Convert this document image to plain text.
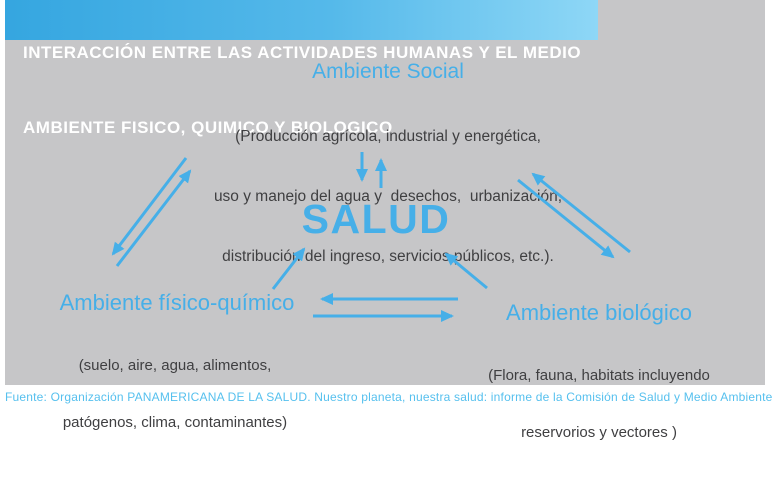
INTERACCIÓN ENTRE LAS ACTIVIDADES HUMANAS Y EL MEDIO

AMBIENTE FISICO, QUIMICO Y BIOLOGICO

Ambiente Social

(Producción agrícola, industrial y energética,

uso y manejo del agua y  desechos,  urbanización,

distribución del ingreso, servicios públicos, etc.).

SALUD
Ambiente físico-químico

(suelo, aire, agua, alimentos,

patógenos, clima, contaminantes)

Ambiente biológico

(Flora, fauna, habitats incluyendo

reservorios y vectores )

Fuente: Organización PANAMERICANA DE LA SALUD. Nuestro planeta, nuestra salud: informe de la Comisión de Salud y Medio Ambiente
